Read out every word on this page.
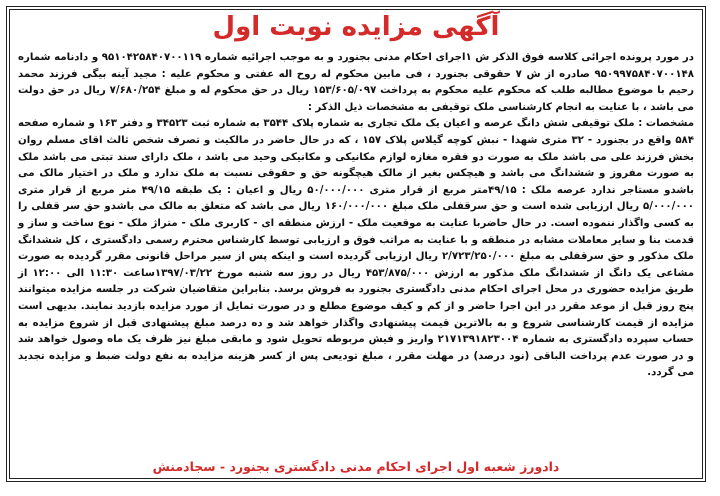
آگهی مزایده نوبت اول

در مورد پرونده اجرائی کلاسه فوق الذکر ش ۱اجرای احکام مدنی بجنورد و به موجب اجرائیه شماره ۹۵۱۰۴۲۵۸۴۰۷۰۰۱۱۹ و دادنامه شماره ۹۵۰۹۹۷۵۸۴۰۷۰۰۱۴۸ صادره از ش ۷ حقوقی بجنورد ، فی مابین محکوم له روح اله عفتی و محکوم علیه : مجید آینه بیگی فرزند محمد رحیم با موضوع مطالبه طلب که محکوم علیه محکوم به پرداخت ۱۵۳/۶۰۵/۰۹۷ ریال در حق محکوم له و مبلغ ۷/۶۸۰/۲۵۴ ریال در حق دولت می باشد ، با عنایت به انجام کارشناسی ملک توقیفی به مشخصات ذیل الذکر :

مشخصات : ملک توقیفی شش دانگ عرصه و اعیان یک ملک تجاری به شماره پلاک ۳۵۴۴ به شماره ثبت ۳۴۵۲۳ و دفتر ۱۶۳ و شماره صفحه ۵۸۴ واقع در بجنورد - ۳۲ متری شهدا - نبش کوچه گیلاس پلاک ۱۵۷ ، که در حال حاضر در مالکیت و تصرف شخص ثالث اقای مسلم روان بخش فرزند علی می باشد ملک به صورت دو فقره مغازه لوازم مکانیکی و مکانیکی وحید می باشد ، ملک دارای سند تبتی می باشد ملک به صورت مفروز و ششدانگ می باشد و هیچکس بغیر از مالک هیچگونه حق و حقوقی نسبت به ملک ندارد و ملک در اختیار مالک می باشدو مستاجر ندارد عرصه ملک : ۴۹/۱۵متر مربع از قرار متری ۵۰/۰۰۰/۰۰۰ ریال و اعیان : یک طبقه ۴۹/۱۵ متر مربع از قرار متری ۵/۰۰۰/۰۰۰ ریال ارزیابی شده است و حق سرقفلی ملک مبلغ ۱۶۰/۰۰۰/۰۰۰ ریال می باشد که متعلق به مالک می باشدو حق سر قفلی را به کسی واگذار ننموده است. در حال حاضربا عنایت به موقعیت ملک - ارزش منطقه ای - کاربری ملک - متراژ ملک - نوع ساخت و ساز و قدمت بنا و سایر معاملات مشابه در منطقه و با عنایت به مراتب فوق و ارزیابی توسط کارشناس محترم رسمی دادگستری ، کل ششدانگ ملک مذکور و حق سرقفلی به مبلغ ۲/۷۲۳/۲۵۰/۰۰۰ ریال ارزیابی گردیده است و اینکه پس از سیر مراحل قانونی مقرر گردیده به صورت مشاعی یک دانگ از ششدانگ ملک مذکور به ارزش ۴۵۳/۸۷۵/۰۰۰ ریال در روز سه شنبه مورخ ۱۳۹۷/۰۳/۲۲ساعت ۱۱:۳۰ الی ۱۲:۰۰ از طریق مزایده حضوری در محل اجرای احکام مدنی دادگستری بجنورد به فروش برسد. بنابراین متقاضیان شرکت در جلسه مزایده میتوانند پنج روز قبل از موعد مقرر در این اجرا حاضر و از کم و کیف موضوع مطلع و در صورت تمایل از مورد مزایده بازدید نمایند. بدیهی است مزایده از قیمت کارشناسی شروع و به بالاترین قیمت پیشنهادی واگذار خواهد شد و ده درصد مبلغ پیشنهادی قبل از شروع مزایده به حساب سپرده دادگستری به شماره ۲۱۷۱۳۹۱۸۲۳۰۰۴ واریز و فیش مربوطه تحویل شود و مابقی مبلغ نیز ظرف یک ماه وصول خواهد شد و در صورت عدم پرداخت الباقی (نود درصد) در مهلت مقرر ، مبلغ تودیعی پس از کسر هزینه مزایده به نفع دولت ضبط و مزایده تجدید می گردد.

دادورز شعبه اول اجرای احکام مدنی دادگستری بجنورد - سجادمنش
